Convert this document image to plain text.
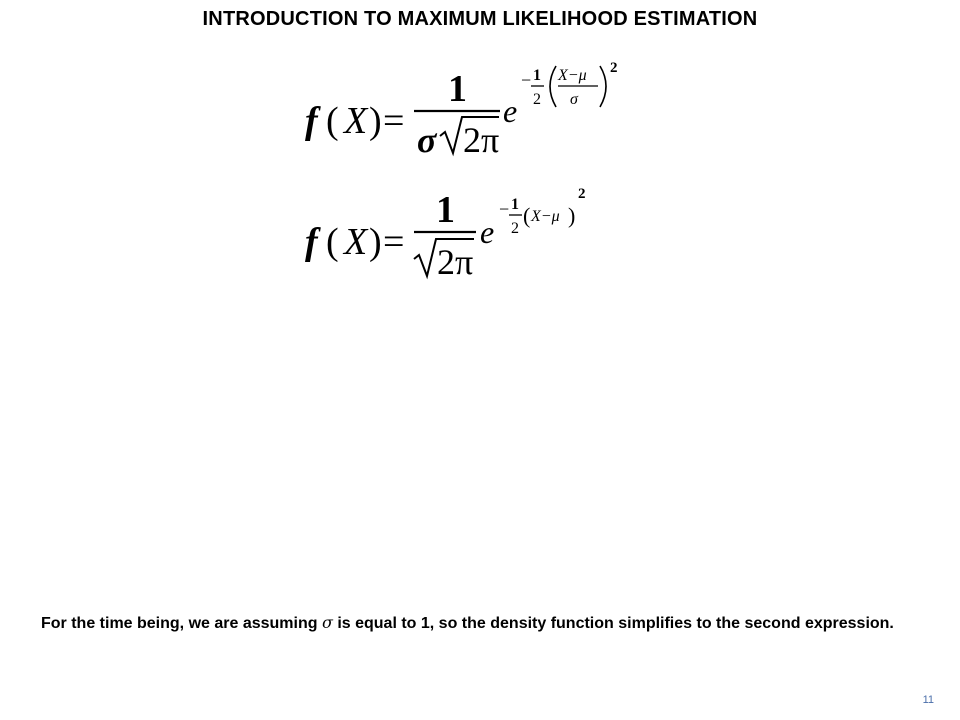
INTRODUCTION TO MAXIMUM LIKELIHOOD ESTIMATION
f ( X ) =
1
σ 2π
e
− 1
2
X−μ
σ
2
f ( X ) =
1
2π
e
− 1
2
( X−μ )
2
For the time being, we are assuming σ is equal to 1, so the density function simplifies to the second expression.
11
